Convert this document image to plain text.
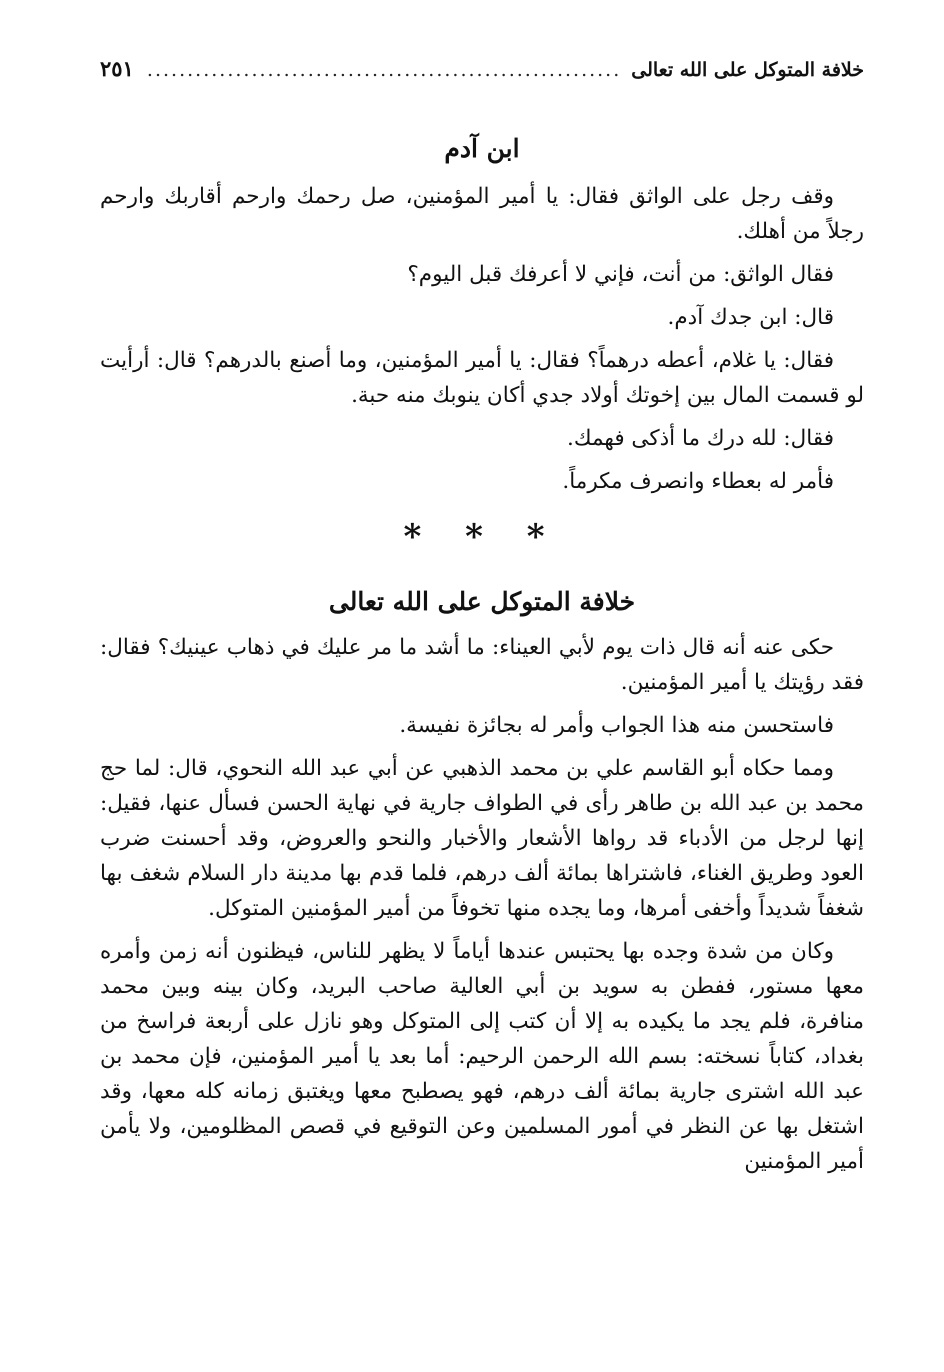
خلافة المتوكل على الله تعالى
.....
٢٥١
ابن آدم

وقف رجل على الواثق فقال: يا أمير المؤمنين، صل رحمك وارحم أقاربك وارحم رجلاً من أهلك.

فقال الواثق: من أنت، فإني لا أعرفك قبل اليوم؟

قال: ابن جدك آدم.

فقال: يا غلام، أعطه درهماً؟ فقال: يا أمير المؤمنين، وما أصنع بالدرهم؟ قال: أرأيت لو قسمت المال بين إخوتك أولاد جدي أكان ينوبك منه حبة.

فقال: لله درك ما أذكى فهمك.

فأمر له بعطاء وانصرف مكرماً.

* * *
خلافة المتوكل على الله تعالى

حكى عنه أنه قال ذات يوم لأبي العيناء: ما أشد ما مر عليك في ذهاب عينيك؟ فقال: فقد رؤيتك يا أمير المؤمنين.

فاستحسن منه هذا الجواب وأمر له بجائزة نفيسة.

ومما حكاه أبو القاسم علي بن محمد الذهبي عن أبي عبد الله النحوي، قال: لما حج محمد بن عبد الله بن طاهر رأى في الطواف جارية في نهاية الحسن فسأل عنها، فقيل: إنها لرجل من الأدباء قد رواها الأشعار والأخبار والنحو والعروض، وقد أحسنت ضرب العود وطريق الغناء، فاشتراها بمائة ألف درهم، فلما قدم بها مدينة دار السلام شغف بها شغفاً شديداً وأخفى أمرها، وما يجده منها تخوفاً من أمير المؤمنين المتوكل.

وكان من شدة وجده بها يحتبس عندها أياماً لا يظهر للناس، فيظنون أنه زمن وأمره معها مستور، ففطن به سويد بن أبي العالية صاحب البريد، وكان بينه وبين محمد منافرة، فلم يجد ما يكيده به إلا أن كتب إلى المتوكل وهو نازل على أربعة فراسخ من بغداد، كتاباً نسخته: بسم الله الرحمن الرحيم: أما بعد يا أمير المؤمنين، فإن محمد بن عبد الله اشترى جارية بمائة ألف درهم، فهو يصطبح معها ويغتبق زمانه كله معها، وقد اشتغل بها عن النظر في أمور المسلمين وعن التوقيع في قصص المظلومين، ولا يأمن أمير المؤمنين
